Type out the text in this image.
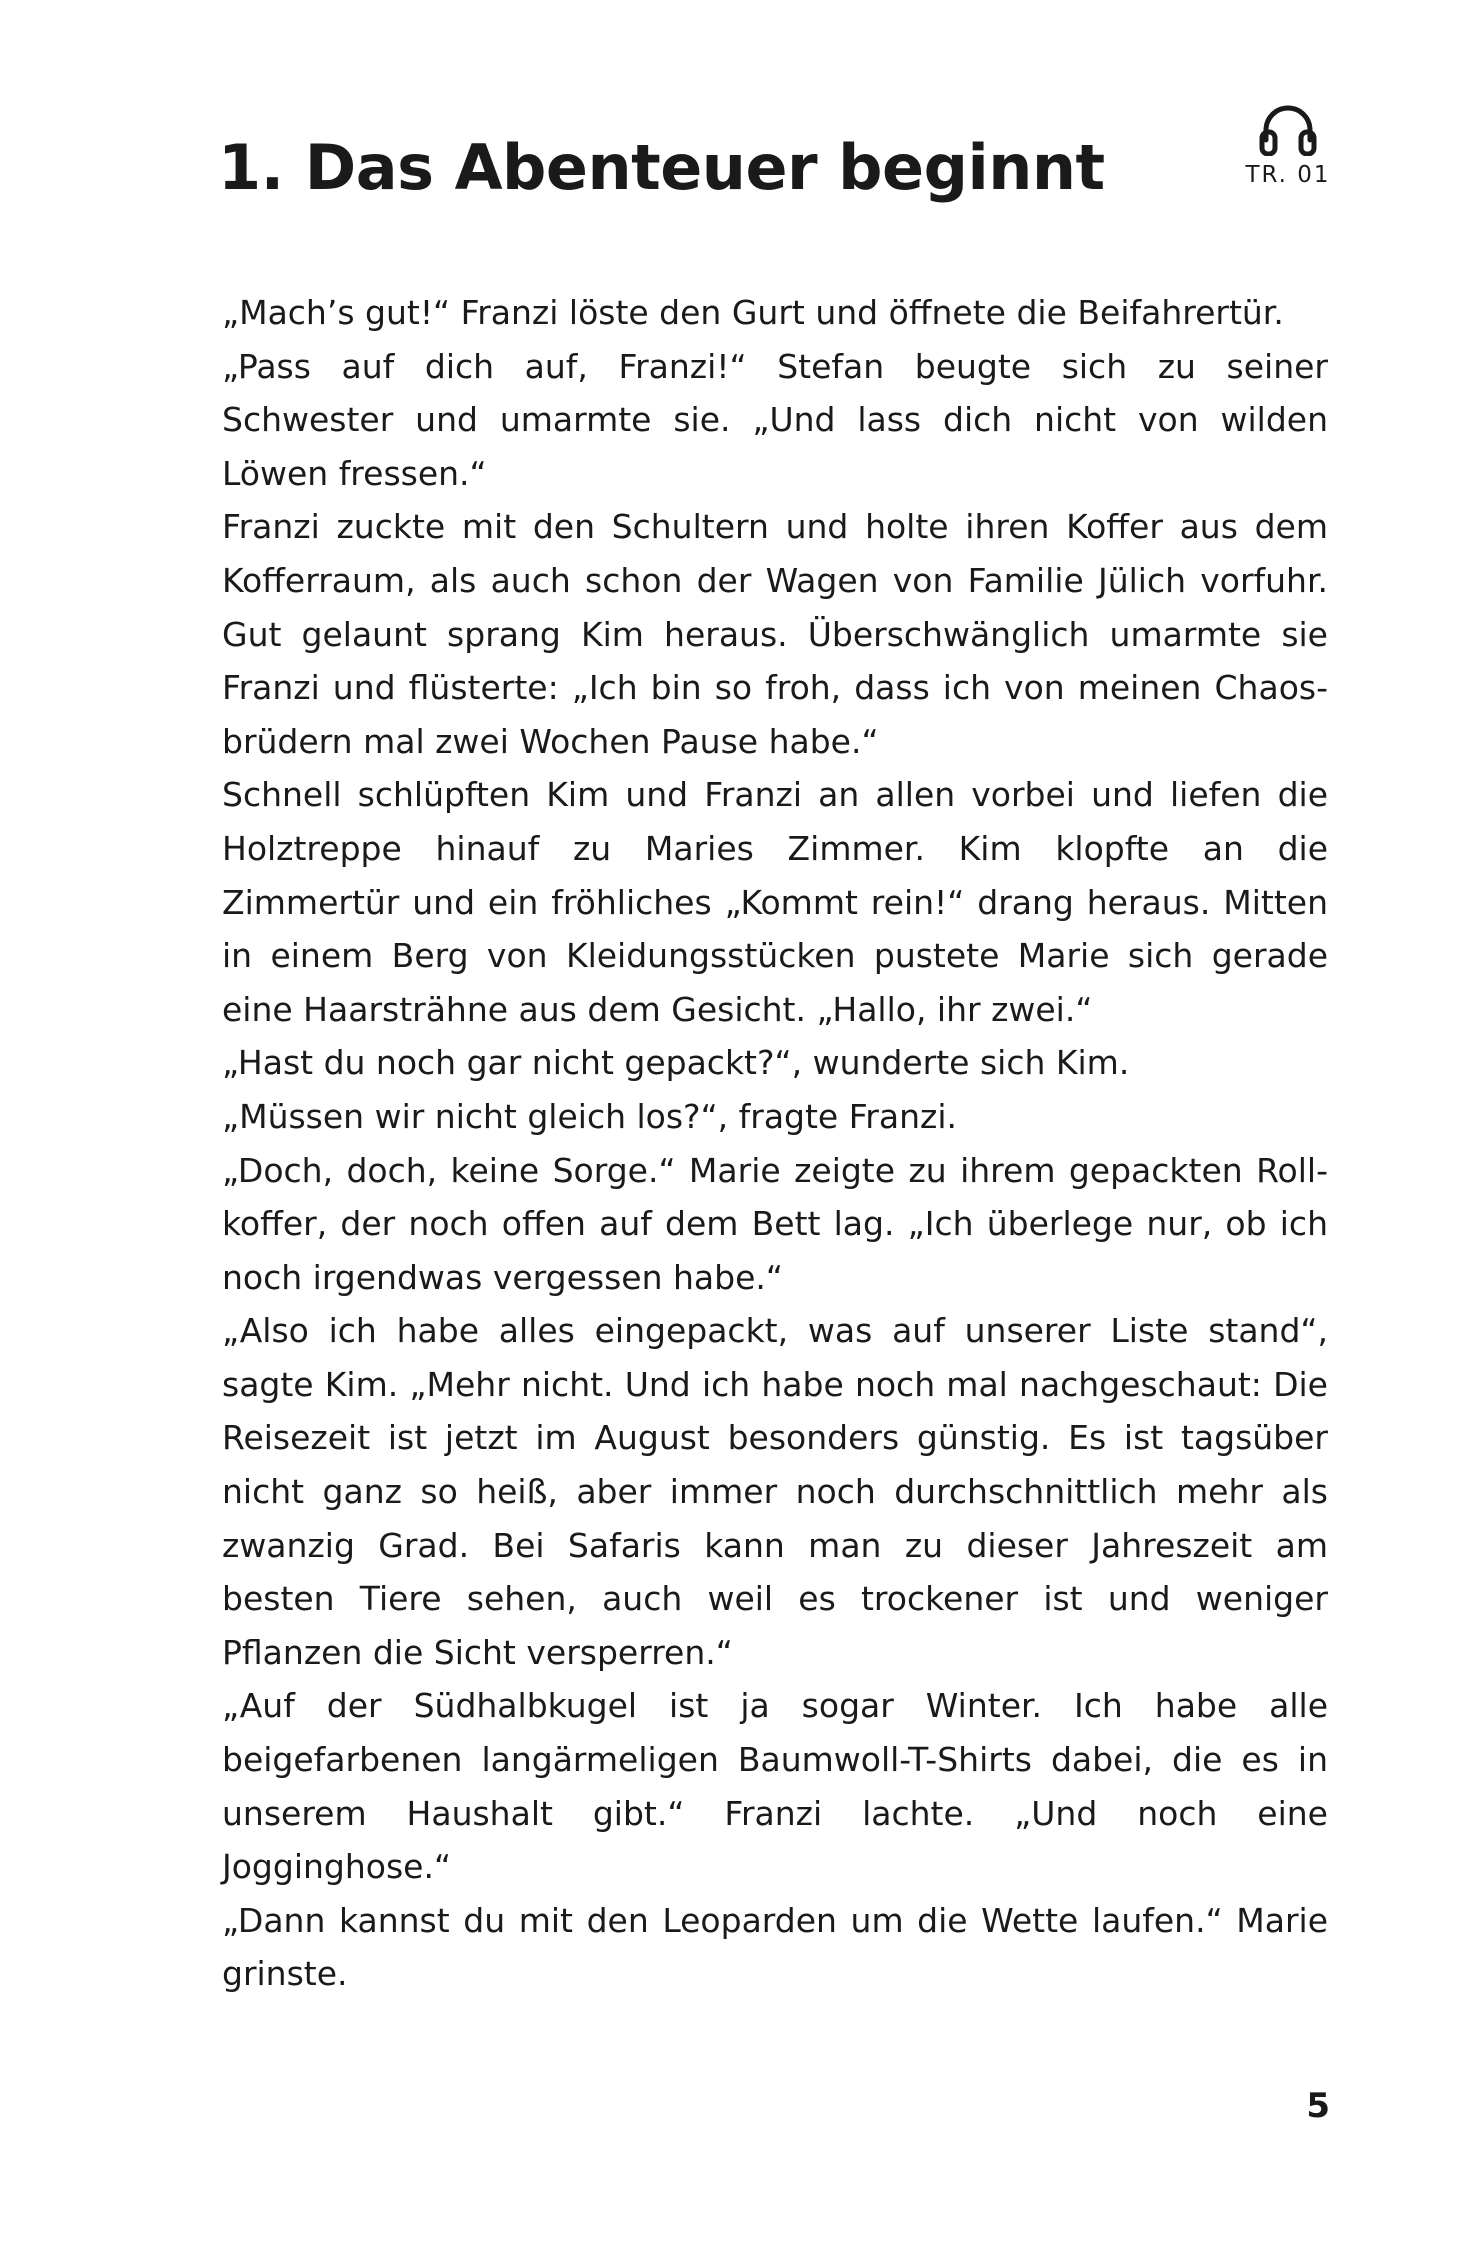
1. Das Abenteuer beginnt	TR. 01

„Mach’s gut!“ Franzi löste den Gurt und öffnete die Beifahrertür.

„Pass auf dich auf, Franzi!“ Stefan beugte sich zu seiner Schwester und umarmte sie. „Und lass dich nicht von wilden Löwen fressen.“

Franzi zuckte mit den Schultern und holte ihren Koffer aus dem Kofferraum, als auch schon der Wagen von Familie Jülich vorfuhr. Gut gelaunt sprang Kim heraus. Überschwänglich umarmte sie Franzi und flüsterte: „Ich bin so froh, dass ich von meinen Chaosbrüdern mal zwei Wochen Pause habe.“

Schnell schlüpften Kim und Franzi an allen vorbei und liefen die Holztreppe hinauf zu Maries Zimmer. Kim klopfte an die Zimmertür und ein fröhliches „Kommt rein!“ drang heraus. Mitten in einem Berg von Kleidungsstücken pustete Marie sich gerade eine Haarsträhne aus dem Gesicht. „Hallo, ihr zwei.“

„Hast du noch gar nicht gepackt?“, wunderte sich Kim.

„Müssen wir nicht gleich los?“, fragte Franzi.

„Doch, doch, keine Sorge.“ Marie zeigte zu ihrem gepackten Rollkoffer, der noch offen auf dem Bett lag. „Ich überlege nur, ob ich noch irgendwas vergessen habe.“

„Also ich habe alles eingepackt, was auf unserer Liste stand“, sagte Kim. „Mehr nicht. Und ich habe noch mal nachgeschaut: Die Reisezeit ist jetzt im August besonders günstig. Es ist tagsüber nicht ganz so heiß, aber immer noch durchschnittlich mehr als zwanzig Grad. Bei Safaris kann man zu dieser Jahreszeit am besten Tiere sehen, auch weil es trockener ist und weniger Pflanzen die Sicht versperren.“

„Auf der Südhalbkugel ist ja sogar Winter. Ich habe alle beigefarbenen langärmeligen Baumwoll-T-Shirts dabei, die es in unserem Haushalt gibt.“ Franzi lachte. „Und noch eine Jogginghose.“

„Dann kannst du mit den Leoparden um die Wette laufen.“ Marie grinste.

5
